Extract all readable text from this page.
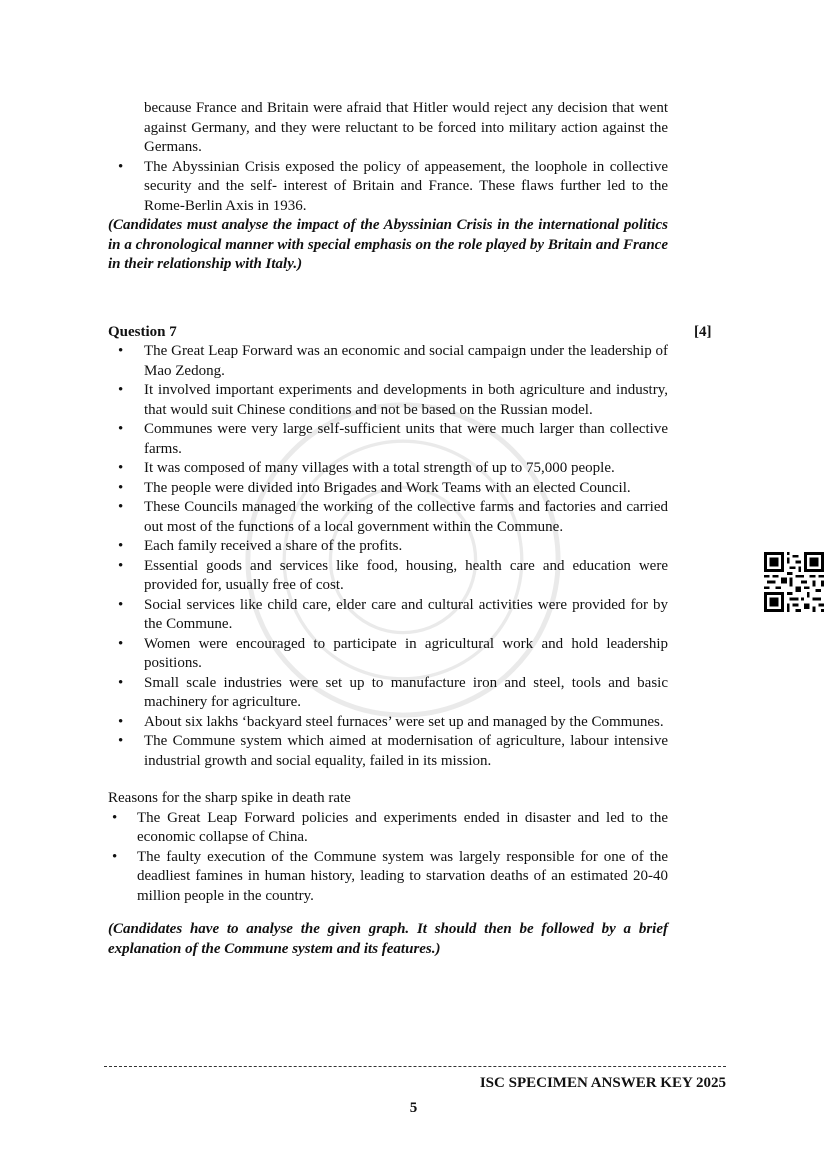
because France and Britain were afraid that Hitler would reject any decision that went against Germany, and they were reluctant to be forced into military action against the Germans.
• The Abyssinian Crisis exposed the policy of appeasement, the loophole in collective security and the self- interest of Britain and France. These flaws further led to the Rome-Berlin Axis in 1936.
(Candidates must analyse the impact of the Abyssinian Crisis in the international politics in a chronological manner with special emphasis on the role played by Britain and France in their relationship with Italy.)
Question 7	[4]
• The Great Leap Forward was an economic and social campaign under the leadership of Mao Zedong.
• It involved important experiments and developments in both agriculture and industry, that would suit Chinese conditions and not be based on the Russian model.
• Communes were very large self-sufficient units that were much larger than collective farms.
• It was composed of many villages with a total strength of up to 75,000 people.
• The people were divided into Brigades and Work Teams with an elected Council.
• These Councils managed the working of the collective farms and factories and carried out most of the functions of a local government within the Commune.
• Each family received a share of the profits.
• Essential goods and services like food, housing, health care and education were provided for, usually free of cost.
• Social services like child care, elder care and cultural activities were provided for by the Commune.
• Women were encouraged to participate in agricultural work and hold leadership positions.
• Small scale industries were set up to manufacture iron and steel, tools and basic machinery for agriculture.
• About six lakhs ‘backyard steel furnaces’ were set up and managed by the Communes.
• The Commune system which aimed at modernisation of agriculture, labour intensive industrial growth and social equality, failed in its mission.
Reasons for the sharp spike in death rate
• The Great Leap Forward policies and experiments ended in disaster and led to the economic collapse of China.
• The faulty execution of the Commune system was largely responsible for one of the deadliest famines in human history, leading to starvation deaths of an estimated 20-40 million people in the country.
(Candidates have to analyse the given graph. It should then be followed by a brief explanation of the Commune system and its features.)
ISC SPECIMEN ANSWER KEY 2025
5
